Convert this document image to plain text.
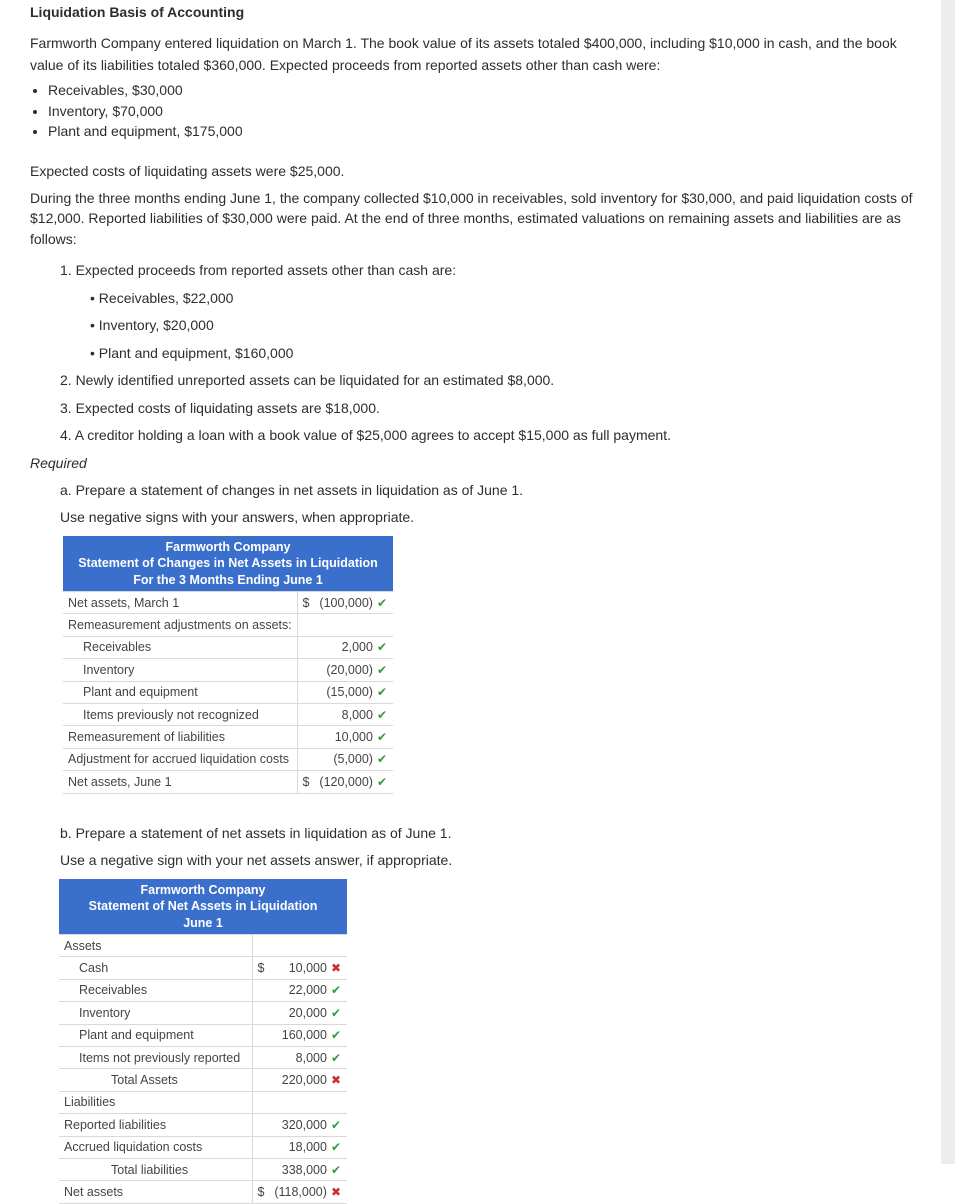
Liquidation Basis of Accounting

Farmworth Company entered liquidation on March 1. The book value of its assets totaled $400,000, including $10,000 in cash, and the book value of its liabilities totaled $360,000. Expected proceeds from reported assets other than cash were:

• Receivables, $30,000
• Inventory, $70,000
• Plant and equipment, $175,000

Expected costs of liquidating assets were $25,000.

During the three months ending June 1, the company collected $10,000 in receivables, sold inventory for $30,000, and paid liquidation costs of $12,000. Reported liabilities of $30,000 were paid. At the end of three months, estimated valuations on remaining assets and liabilities are as follows:

1. Expected proceeds from reported assets other than cash are:
• Receivables, $22,000
• Inventory, $20,000
• Plant and equipment, $160,000
2. Newly identified unreported assets can be liquidated for an estimated $8,000.
3. Expected costs of liquidating assets are $18,000.
4. A creditor holding a loan with a book value of $25,000 agrees to accept $15,000 as full payment.
Required
a. Prepare a statement of changes in net assets in liquidation as of June 1.
Use negative signs with your answers, when appropriate.
Farmworth Company
Statement of Changes in Net Assets in Liquidation
For the 3 Months Ending June 1	

Net assets, March 1	$ (100,000) ✔
Remeasurement adjustments on assets:	
Receivables	2,000 ✔
Inventory	(20,000) ✔
Plant and equipment	(15,000) ✔
Items previously not recognized	8,000 ✔
Remeasurement of liabilities	10,000 ✔
Adjustment for accrued liquidation costs	(5,000) ✔
Net assets, June 1	$ (120,000) ✔
b. Prepare a statement of net assets in liquidation as of June 1.
Use a negative sign with your net assets answer, if appropriate.
Farmworth Company
Statement of Net Assets in Liquidation
June 1	

Assets	
Cash	$ 10,000 ✖
Receivables	22,000 ✔
Inventory	20,000 ✔
Plant and equipment	160,000 ✔
Items not previously reported	8,000 ✔
Total Assets	220,000 ✖
Liabilities	
Reported liabilities	320,000 ✔
Accrued liquidation costs	18,000 ✔
Total liabilities	338,000 ✔
Net assets	$ (118,000) ✖
